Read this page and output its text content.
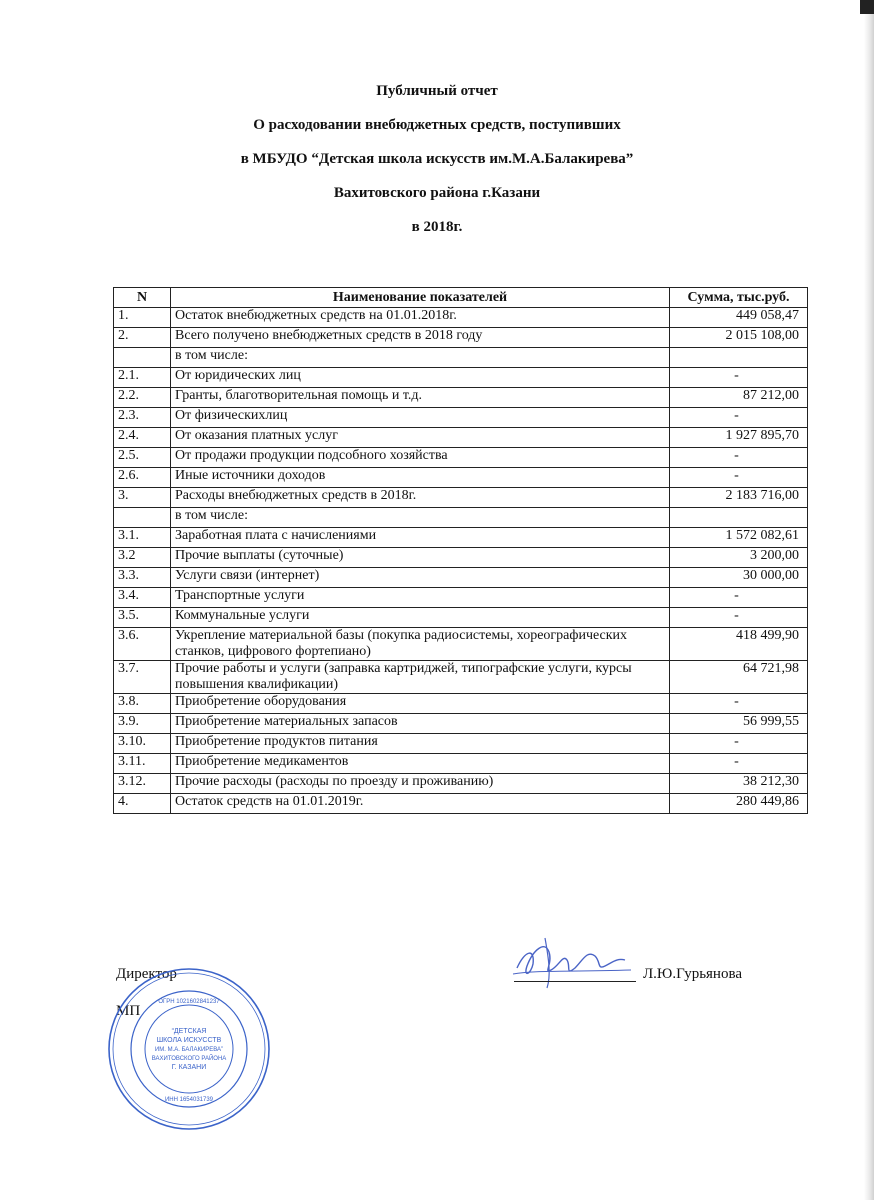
Публичный отчет
О расходовании внебюджетных средств, поступивших
в МБУДО “Детская школа искусств им.М.А.Балакирева”
Вахитовского района г.Казани
в 2018г.
N	Наименование показателей	Сумма, тыс.руб.
1.	Остаток внебюджетных средств на 01.01.2018г.	449 058,47
2.	Всего получено внебюджетных средств в 2018 году	2 015 108,00
	в том числе:	
2.1.	От юридических лиц	-
2.2.	Гранты, благотворительная помощь и т.д.	87 212,00
2.3.	От физическихлиц	-
2.4.	От оказания платных услуг	1 927 895,70
2.5.	От продажи продукции подсобного хозяйства	-
2.6.	Иные источники доходов	-
3.	Расходы внебюджетных средств в 2018г.	2 183 716,00
	в том числе:	
3.1.	Заработная плата с начислениями	1 572 082,61
3.2	Прочие выплаты (суточные)	3 200,00
3.3.	Услуги связи (интернет)	30 000,00
3.4.	Транспортные услуги	-
3.5.	Коммунальные услуги	-
3.6.	Укрепление материальной базы (покупка радиосистемы, хореографических станков, цифрового фортепиано)	418 499,90
3.7.	Прочие работы и услуги (заправка картриджей, типографские услуги, курсы повышения квалификации)	64 721,98
3.8.	Приобретение оборудования	-
3.9.	Приобретение материальных запасов	56 999,55
3.10.	Приобретение продуктов питания	-
3.11.	Приобретение медикаментов	-
3.12.	Прочие расходы (расходы по проезду и проживанию)	38 212,30
4.	Остаток средств на 01.01.2019г.	280 449,86
Директор
МП
Л.Ю.Гурьянова
“ДЕТСКАЯ
ШКОЛА ИСКУССТВ
ИМ. М.А. БАЛАКИРЕВА”
ВАХИТОВСКОГО РАЙОНА
Г. КАЗАНИ
ОГРН 1021602841237
ИНН 1654031739
